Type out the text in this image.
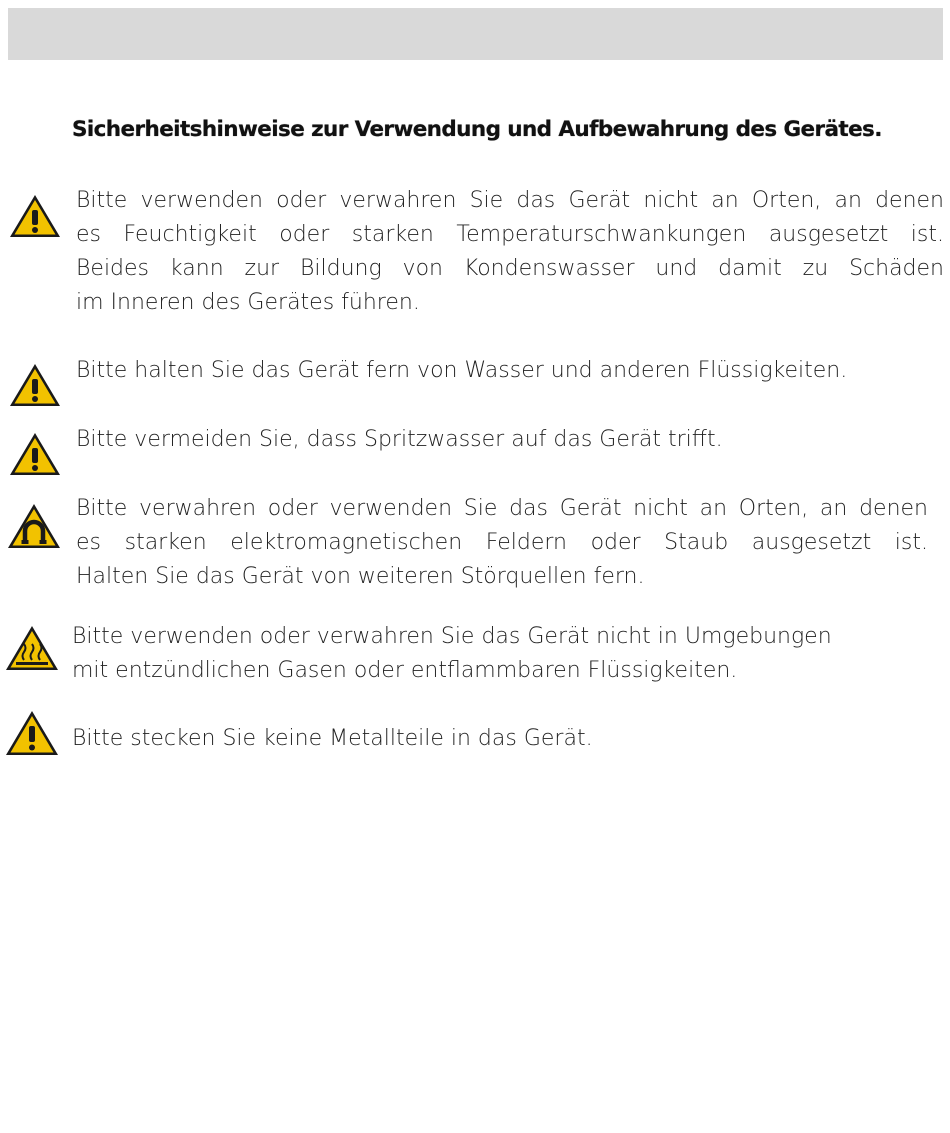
Sicherheitshinweise zur Verwendung und Aufbewahrung des Gerätes.
Bitte verwenden oder verwahren Sie das Gerät nicht an Orten, an denen
es Feuchtigkeit oder starken Temperaturschwankungen ausgesetzt ist.
Beides kann zur Bildung von Kondenswasser und damit zu Schäden
im Inneren des Gerätes führen.
Bitte halten Sie das Gerät fern von Wasser und anderen Flüssigkeiten.
Bitte vermeiden Sie, dass Spritzwasser auf das Gerät trifft.
Bitte verwahren oder verwenden Sie das Gerät nicht an Orten, an denen
es starken elektromagnetischen Feldern oder Staub ausgesetzt ist.
Halten Sie das Gerät von weiteren Störquellen fern.
Bitte verwenden oder verwahren Sie das Gerät nicht in Umgebungen
mit entzündlichen Gasen oder entflammbaren Flüssigkeiten.
Bitte stecken Sie keine Metallteile in das Gerät.
